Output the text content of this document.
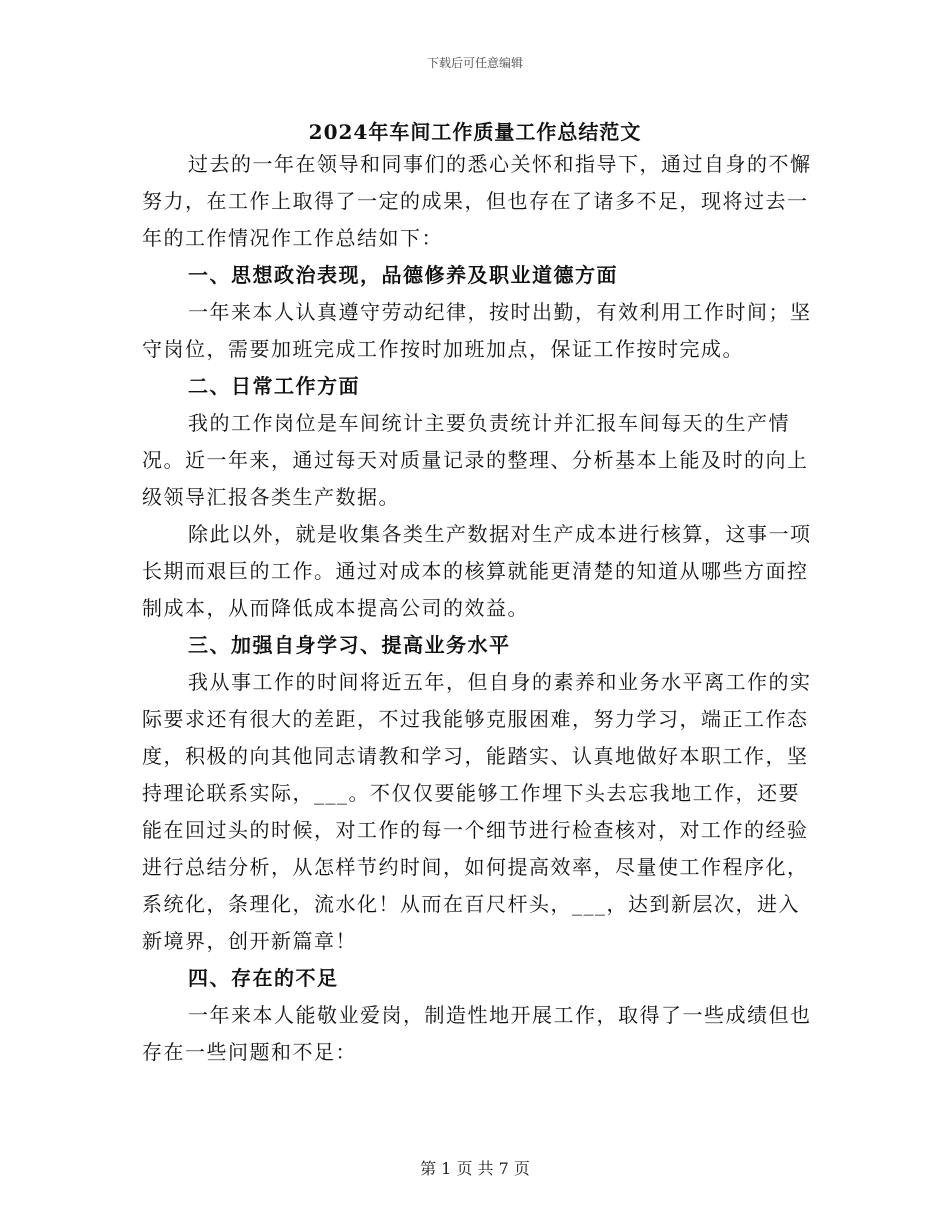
下载后可任意编辑
2024年车间工作质量工作总结范文

过去的一年在领导和同事们的悉心关怀和指导下，通过自身的不懈努力，在工作上取得了一定的成果，但也存在了诸多不足，现将过去一年的工作情况作工作总结如下：

一、思想政治表现，品德修养及职业道德方面

一年来本人认真遵守劳动纪律，按时出勤，有效利用工作时间；坚守岗位，需要加班完成工作按时加班加点，保证工作按时完成。

二、日常工作方面

我的工作岗位是车间统计主要负责统计并汇报车间每天的生产情况。近一年来，通过每天对质量记录的整理、分析基本上能及时的向上级领导汇报各类生产数据。

除此以外，就是收集各类生产数据对生产成本进行核算，这事一项长期而艰巨的工作。通过对成本的核算就能更清楚的知道从哪些方面控制成本，从而降低成本提高公司的效益。

三、加强自身学习、提高业务水平

我从事工作的时间将近五年，但自身的素养和业务水平离工作的实际要求还有很大的差距，不过我能够克服困难，努力学习，端正工作态度，积极的向其他同志请教和学习，能踏实、认真地做好本职工作，坚持理论联系实际，___。不仅仅要能够工作埋下头去忘我地工作，还要能在回过头的时候，对工作的每一个细节进行检查核对，对工作的经验进行总结分析，从怎样节约时间，如何提高效率，尽量使工作程序化，系统化，条理化，流水化！从而在百尺杆头，___，达到新层次，进入新境界，创开新篇章！

四、存在的不足

一年来本人能敬业爱岗，制造性地开展工作，取得了一些成绩但也存在一些问题和不足：

第 1 页 共 7 页
